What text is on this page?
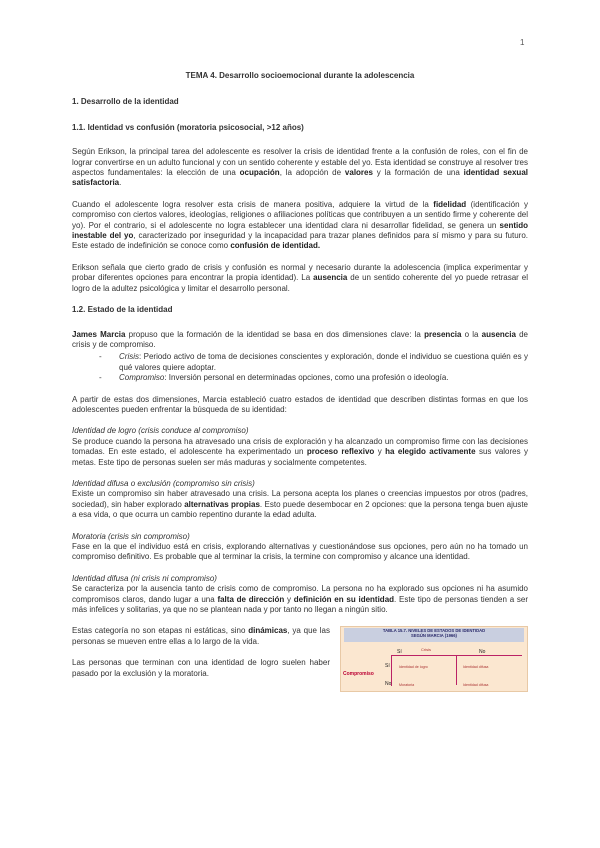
1
TEMA 4. Desarrollo socioemocional durante la adolescencia
1. Desarrollo de la identidad
1.1. Identidad vs confusión (moratoria psicosocial, >12 años)

Según Erikson, la principal tarea del adolescente es resolver la crisis de identidad frente a la confusión de roles, con el fin de lograr convertirse en un adulto funcional y con un sentido coherente y estable del yo. Esta identidad se construye al resolver tres aspectos fundamentales: la elección de una ocupación, la adopción de valores y la formación de una identidad sexual satisfactoria.

Cuando el adolescente logra resolver esta crisis de manera positiva, adquiere la virtud de la fidelidad (identificación y compromiso con ciertos valores, ideologías, religiones o afiliaciones políticas que contribuyen a un sentido firme y coherente del yo). Por el contrario, si el adolescente no logra establecer una identidad clara ni desarrollar fidelidad, se genera un sentido inestable del yo, caracterizado por inseguridad y la incapacidad para trazar planes definidos para sí mismo y para su futuro. Este estado de indefinición se conoce como confusión de identidad.

Erikson señala que cierto grado de crisis y confusión es normal y necesario durante la adolescencia (implica experimentar y probar diferentes opciones para encontrar la propia identidad). La ausencia de un sentido coherente del yo puede retrasar el logro de la adultez psicológica y limitar el desarrollo personal.

1.2. Estado de la identidad

James Marcia propuso que la formación de la identidad se basa en dos dimensiones clave: la presencia o la ausencia de crisis y de compromiso.

- Crisis: Periodo activo de toma de decisiones conscientes y exploración, donde el individuo se cuestiona quién es y qué valores quiere adoptar.
- Compromiso: Inversión personal en determinadas opciones, como una profesión o ideología.

A partir de estas dos dimensiones, Marcia estableció cuatro estados de identidad que describen distintas formas en que los adolescentes pueden enfrentar la búsqueda de su identidad:

Identidad de logro (crisis conduce al compromiso)

Se produce cuando la persona ha atravesado una crisis de exploración y ha alcanzado un compromiso firme con las decisiones tomadas. En este estado, el adolescente ha experimentado un proceso reflexivo y ha elegido activamente sus valores y metas. Este tipo de personas suelen ser más maduras y socialmente competentes.

Identidad difusa o exclusión (compromiso sin crisis)

Existe un compromiso sin haber atravesado una crisis. La persona acepta los planes o creencias impuestos por otros (padres, sociedad), sin haber explorado alternativas propias. Esto puede desembocar en 2 opciones: que la persona tenga buen ajuste a esa vida, o que ocurra un cambio repentino durante la edad adulta.

Moratoria (crisis sin compromiso)

Fase en la que el individuo está en crisis, explorando alternativas y cuestionándose sus opciones, pero aún no ha tomado un compromiso definitivo. Es probable que al terminar la crisis, la termine con compromiso y alcance una identidad.

Identidad difusa (ni crisis ni compromiso)

Se caracteriza por la ausencia tanto de crisis como de compromiso. La persona no ha explorado sus opciones ni ha asumido compromisos claros, dando lugar a una falta de dirección y definición en su identidad. Este tipo de personas tienden a ser más infelices y solitarias, ya que no se plantean nada y por tanto no llegan a ningún sitio.

Estas categoría no son etapas ni estáticas, sino dinámicas, ya que las personas se mueven entre ellas a lo largo de la vida.

Las personas que terminan con una identidad de logro suelen haber pasado por la exclusión y la moratoria.

TABLA 15.7. NIVELES DE ESTADOS DE IDENTIDAD
SEGÚN MARCIA (1966)
Crisis
Sí	No
Sí
Compromiso
No
Identidad de logro	Identidad difusa
Moratoria	Identidad difusa
